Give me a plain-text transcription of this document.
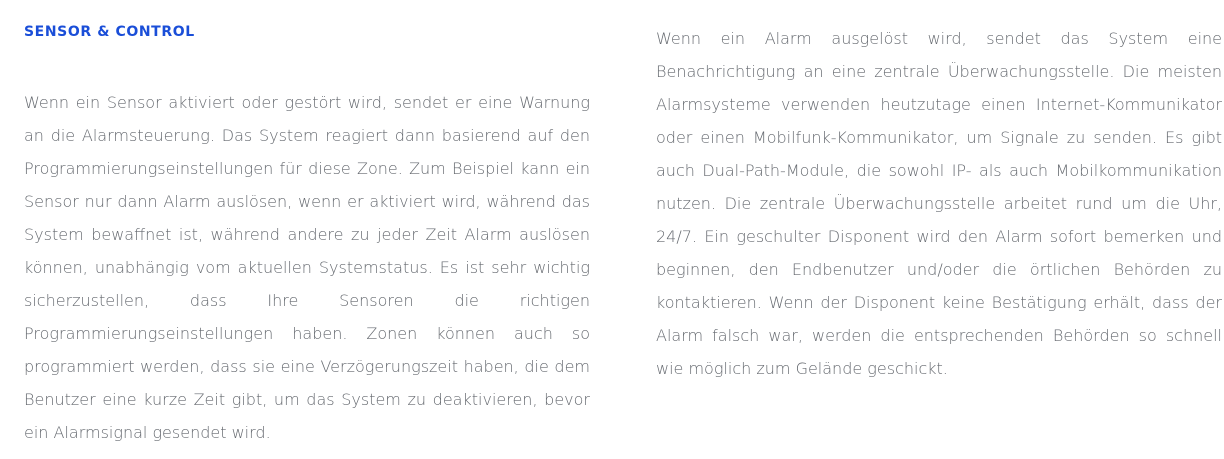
SENSOR & CONTROL

Wenn ein Sensor aktiviert oder gestört wird, sendet er eine Warnung an die Alarmsteuerung. Das System reagiert dann basierend auf den Programmierungseinstellungen für diese Zone. Zum Beispiel kann ein Sensor nur dann Alarm auslösen, wenn er aktiviert wird, während das System bewaffnet ist, während andere zu jeder Zeit Alarm auslösen können, unabhängig vom aktuellen Systemstatus. Es ist sehr wichtig sicherzustellen, dass Ihre Sensoren die richtigen Programmierungseinstellungen haben. Zonen können auch so programmiert werden, dass sie eine Verzögerungszeit haben, die dem Benutzer eine kurze Zeit gibt, um das System zu deaktivieren, bevor ein Alarmsignal gesendet wird.

Wenn ein Alarm ausgelöst wird, sendet das System eine Benachrichtigung an eine zentrale Überwachungsstelle. Die meisten Alarmsysteme verwenden heutzutage einen Internet-Kommunikator oder einen Mobilfunk-Kommunikator, um Signale zu senden. Es gibt auch Dual-Path-Module, die sowohl IP- als auch Mobilkommunikation nutzen. Die zentrale Überwachungsstelle arbeitet rund um die Uhr, 24/7. Ein geschulter Disponent wird den Alarm sofort bemerken und beginnen, den Endbenutzer und/oder die örtlichen Behörden zu kontaktieren. Wenn der Disponent keine Bestätigung erhält, dass der Alarm falsch war, werden die entsprechenden Behörden so schnell wie möglich zum Gelände geschickt.
